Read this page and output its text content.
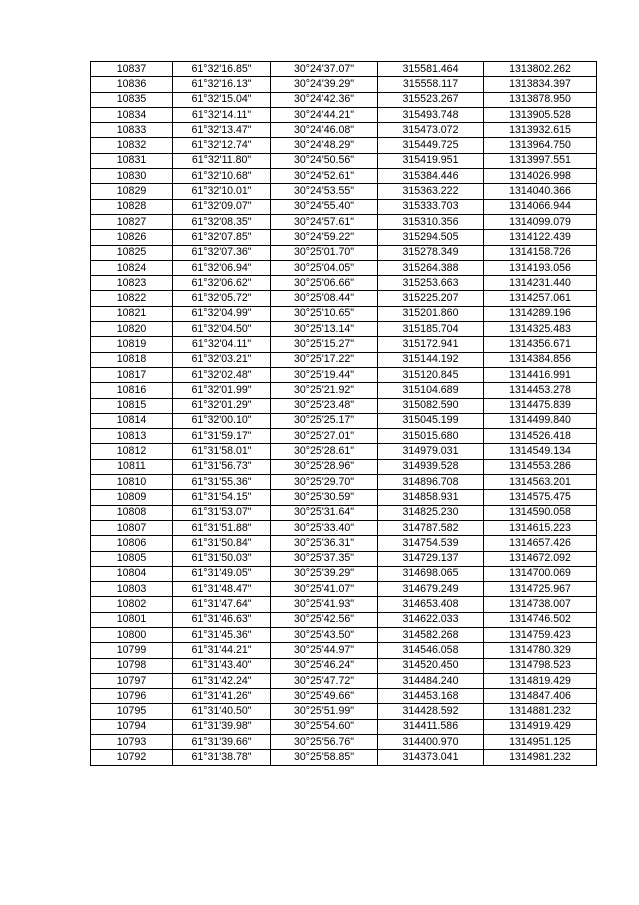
10837	61°32'16.85"	30°24'37.07"	315581.464	1313802.262
10836	61°32'16.13"	30°24'39.29"	315558.117	1313834.397
10835	61°32'15.04"	30°24'42.36"	315523.267	1313878.950
10834	61°32'14.11"	30°24'44.21"	315493.748	1313905.528
10833	61°32'13.47"	30°24'46.08"	315473.072	1313932.615
10832	61°32'12.74"	30°24'48.29"	315449.725	1313964.750
10831	61°32'11.80"	30°24'50.56"	315419.951	1313997.551
10830	61°32'10.68"	30°24'52.61"	315384.446	1314026.998
10829	61°32'10.01"	30°24'53.55"	315363.222	1314040.366
10828	61°32'09.07"	30°24'55.40"	315333.703	1314066.944
10827	61°32'08.35"	30°24'57.61"	315310.356	1314099.079
10826	61°32'07.85"	30°24'59.22"	315294.505	1314122.439
10825	61°32'07.36"	30°25'01.70"	315278.349	1314158.726
10824	61°32'06.94"	30°25'04.05"	315264.388	1314193.056
10823	61°32'06.62"	30°25'06.66"	315253.663	1314231.440
10822	61°32'05.72"	30°25'08.44"	315225.207	1314257.061
10821	61°32'04.99"	30°25'10.65"	315201.860	1314289.196
10820	61°32'04.50"	30°25'13.14"	315185.704	1314325.483
10819	61°32'04.11"	30°25'15.27"	315172.941	1314356.671
10818	61°32'03.21"	30°25'17.22"	315144.192	1314384.856
10817	61°32'02.48"	30°25'19.44"	315120.845	1314416.991
10816	61°32'01.99"	30°25'21.92"	315104.689	1314453.278
10815	61°32'01.29"	30°25'23.48"	315082.590	1314475.839
10814	61°32'00.10"	30°25'25.17"	315045.199	1314499.840
10813	61°31'59.17"	30°25'27.01"	315015.680	1314526.418
10812	61°31'58.01"	30°25'28.61"	314979.031	1314549.134
10811	61°31'56.73"	30°25'28.96"	314939.528	1314553.286
10810	61°31'55.36"	30°25'29.70"	314896.708	1314563.201
10809	61°31'54.15"	30°25'30.59"	314858.931	1314575.475
10808	61°31'53.07"	30°25'31.64"	314825.230	1314590.058
10807	61°31'51.88"	30°25'33.40"	314787.582	1314615.223
10806	61°31'50.84"	30°25'36.31"	314754.539	1314657.426
10805	61°31'50.03"	30°25'37.35"	314729.137	1314672.092
10804	61°31'49.05"	30°25'39.29"	314698.065	1314700.069
10803	61°31'48.47"	30°25'41.07"	314679.249	1314725.967
10802	61°31'47.64"	30°25'41.93"	314653.408	1314738.007
10801	61°31'46.63"	30°25'42.56"	314622.033	1314746.502
10800	61°31'45.36"	30°25'43.50"	314582.268	1314759.423
10799	61°31'44.21"	30°25'44.97"	314546.058	1314780.329
10798	61°31'43.40"	30°25'46.24"	314520.450	1314798.523
10797	61°31'42.24"	30°25'47.72"	314484.240	1314819.429
10796	61°31'41.26"	30°25'49.66"	314453.168	1314847.406
10795	61°31'40.50"	30°25'51.99"	314428.592	1314881.232
10794	61°31'39.98"	30°25'54.60"	314411.586	1314919.429
10793	61°31'39.66"	30°25'56.76"	314400.970	1314951.125
10792	61°31'38.78"	30°25'58.85"	314373.041	1314981.232
